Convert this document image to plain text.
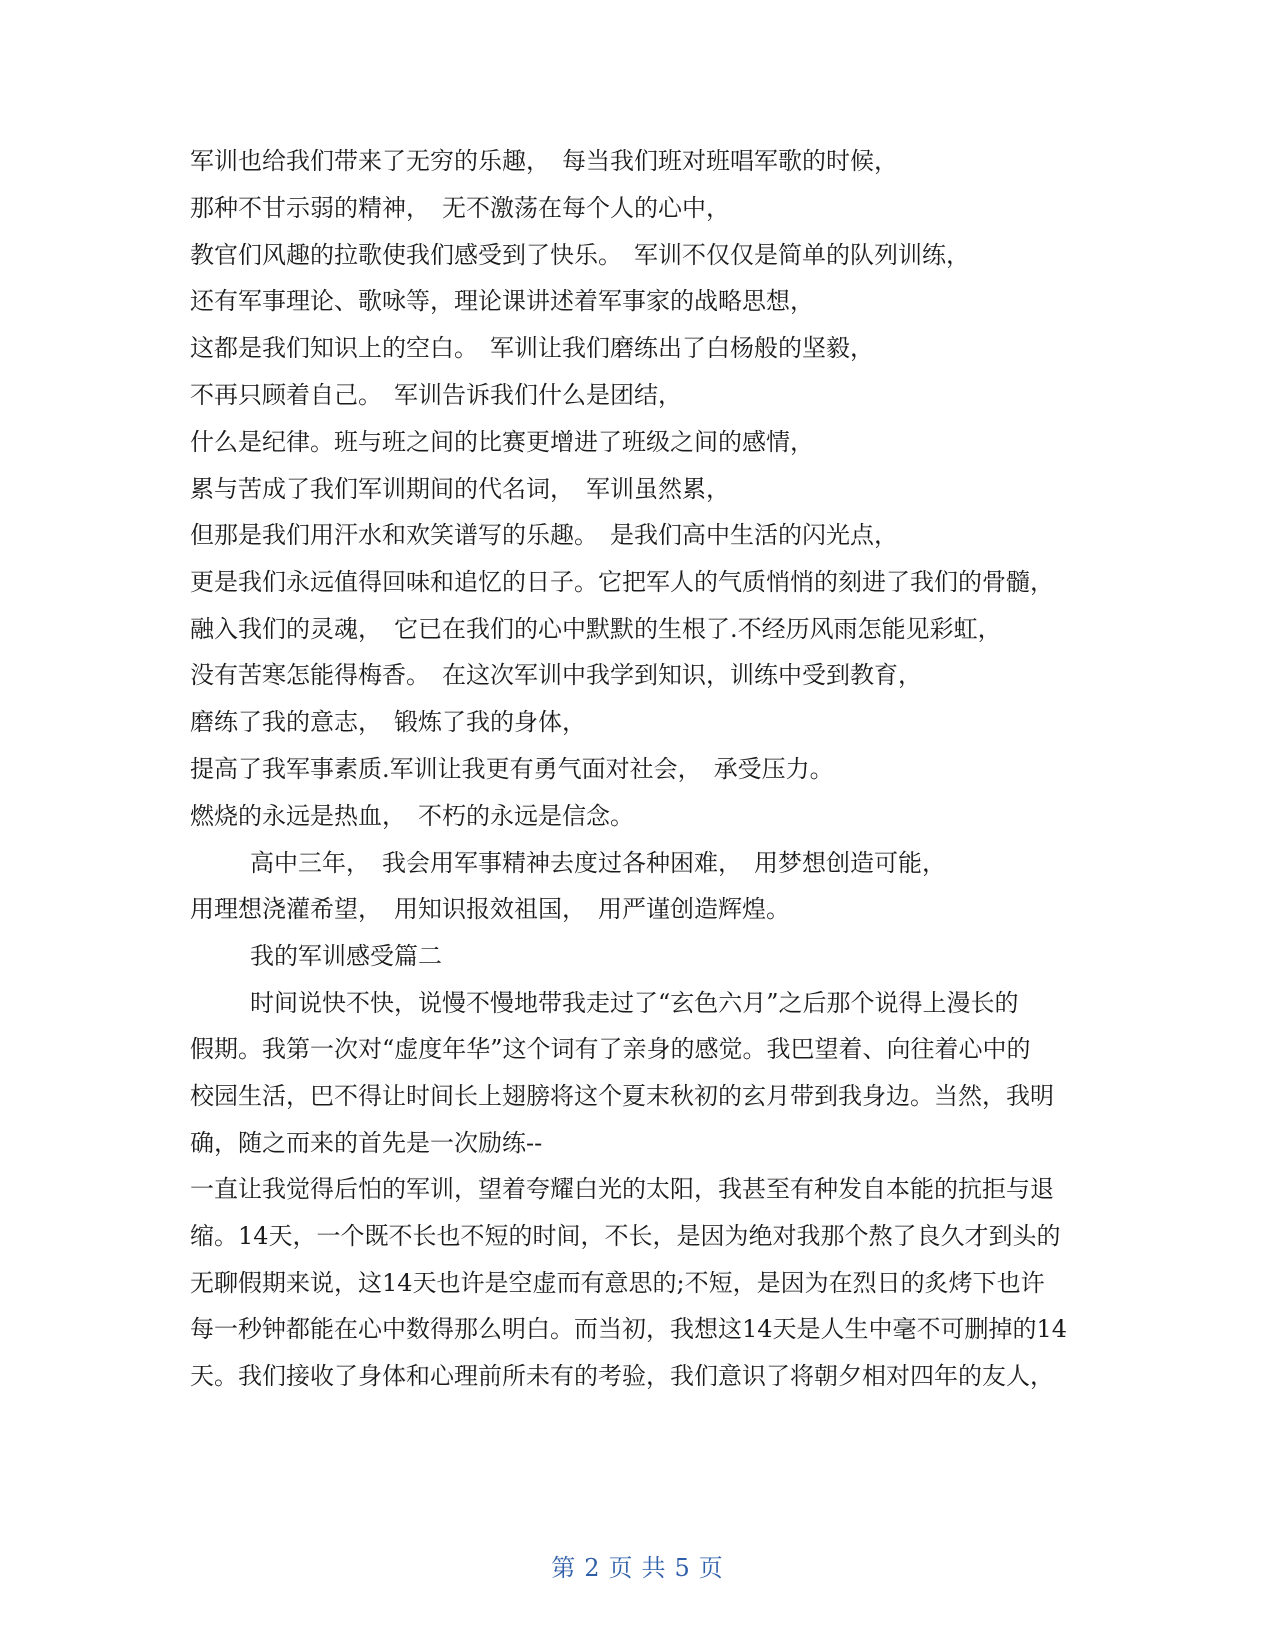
军训也给我们带来了无穷的乐趣，　每当我们班对班唱军歌的时候，
那种不甘示弱的精神，　无不激荡在每个人的心中，
教官们风趣的拉歌使我们感受到了快乐。　军训不仅仅是简单的队列训练，
还有军事理论、歌咏等，理论课讲述着军事家的战略思想，
这都是我们知识上的空白。　军训让我们磨练出了白杨般的坚毅，
不再只顾着自己。　军训告诉我们什么是团结，
什么是纪律。班与班之间的比赛更增进了班级之间的感情，
累与苦成了我们军训期间的代名词，　军训虽然累，
但那是我们用汗水和欢笑谱写的乐趣。　是我们高中生活的闪光点，
更是我们永远值得回味和追忆的日子。它把军人的气质悄悄的刻进了我们的骨髓，
融入我们的灵魂，　它已在我们的心中默默的生根了.不经历风雨怎能见彩虹，
没有苦寒怎能得梅香。　在这次军训中我学到知识，训练中受到教育，
磨练了我的意志，　锻炼了我的身体，
提高了我军事素质.军训让我更有勇气面对社会，　承受压力。
燃烧的永远是热血，　不朽的永远是信念。
高中三年，　我会用军事精神去度过各种困难，　用梦想创造可能，
用理想浇灌希望，　用知识报效祖国，　用严谨创造辉煌。
我的军训感受篇二
时间说快不快，说慢不慢地带我走过了“玄色六月”之后那个说得上漫长的
假期。我第一次对“虚度年华”这个词有了亲身的感觉。我巴望着、向往着心中的
校园生活，巴不得让时间长上翅膀将这个夏末秋初的玄月带到我身边。当然，我明
确，随之而来的首先是一次励练--
一直让我觉得后怕的军训，望着夸耀白光的太阳，我甚至有种发自本能的抗拒与退
缩。14天，一个既不长也不短的时间，不长，是因为绝对我那个熬了良久才到头的
无聊假期来说，这14天也许是空虚而有意思的;不短，是因为在烈日的炙烤下也许
每一秒钟都能在心中数得那么明白。而当初，我想这14天是人生中毫不可删掉的14
天。我们接收了身体和心理前所未有的考验，我们意识了将朝夕相对四年的友人，
第 2 页 共 5 页
